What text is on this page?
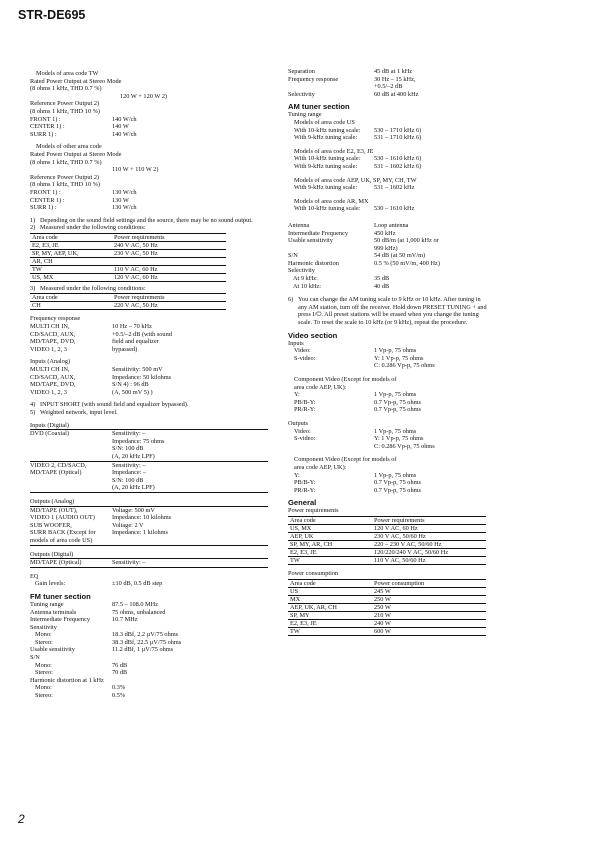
STR-DE695
Models of area code TW
Rated Power Output at Stereo Mode
(8 ohms 1 kHz, THD 0.7 %)
120 W + 120 W 2)
Reference Power Output 2)
(8 ohms 1 kHz, THD 10 %)
FRONT 1) :	140 W/ch
CENTER 1) :	140 W
SURR 1) :	140 W/ch
Models of other area code
Rated Power Output at Stereo Mode
(8 ohms 1 kHz, THD 0.7 %)
110 W + 110 W 2)
Reference Power Output 2)
(8 ohms 1 kHz, THD 10 %)
FRONT 1) :	130 W/ch
CENTER 1) :	130 W
SURR 1) :	130 W/ch
1) Depending on the sound field settings and the source, there may be no sound output.
2) Measured under the following conditions:
Area code	Power requirements
E2, E3, JE	240 V AC, 50 Hz
SP, MY, AEP, UK,	230 V AC, 50 Hz
AR, CH	
TW	110 V AC, 60 Hz
US, MX	120 V AC, 60 Hz
3) Measured under the following conditions:
Area code	Power requirements
CH	220 V AC, 50 Hz
Frequency response
MULTI CH IN,	10 Hz – 70 kHz
CD/SACD, AUX,	+0.5/–2 dB (with sound
MD/TAPE, DVD,	field and equalizer
VIDEO 1, 2, 3	bypassed)
Inputs (Analog)
MULTI CH IN,	Sensitivity: 500 mV
CD/SACD, AUX,	Impedance: 50 kilohms
MD/TAPE, DVD,	S/N 4) : 96 dB
VIDEO 1, 2, 3	(A, 500 mV 5) )
4) INPUT SHORT (with sound field and equalizer bypassed).
5) Weighted network, input level.
Inputs (Digital)
DVD (Coaxial)	Sensitivity: –
Impedance: 75 ohms
S/N: 100 dB
(A, 20 kHz LPF)
VIDEO 2, CD/SACD,
MD/TAPE (Optical)
Sensitivity: –
Impedance: –
S/N: 100 dB
(A, 20 kHz LPF)
Outputs (Analog)
MD/TAPE (OUT),	Voltage: 500 mV
VIDEO 1 (AUDIO OUT)	Impedance: 10 kilohms
SUB WOOFER,	Voltage: 2 V
SURR BACK (Except for	Impedance: 1 kilohms
models of area code US)
Outputs (Digital)
MD/TAPE (Optical)	Sensitivity: –
EQ
Gain levels:	±10 dB, 0.5 dB step
FM tuner section
Tuning range	87.5 – 108.0 MHz
Antenna terminals	75 ohms, unbalanced
Intermediate Frequency	10.7 MHz
Sensitivity
Mono:	18.3 dBf, 2.2 µV/75 ohms
Stereo:	38.3 dBf, 22.5 µV/75 ohms
Usable sensitivity	11.2 dBf, 1 µV/75 ohms
S/N
Mono:	76 dB
Stereo:	70 dB
Harmonic distortion at 1 kHz
Mono:	0.3%
Stereo:	0.5%
Separation	45 dB at 1 kHz
Frequency response	30 Hz – 15 kHz,
+0.5/–2 dB
Selectivity	60 dB at 400 kHz
AM tuner section
Tuning range
Models of area code US
With 10-kHz tuning scale: 530 – 1710 kHz 6)
With 9-kHz tuning scale:	531 – 1710 kHz 6)
Models of area code E2, E3, JE
With 10-kHz tuning scale: 530 – 1610 kHz 6)
With 9-kHz tuning scale:	531 – 1602 kHz 6)
Models of area code AEP, UK, SP, MY, CH, TW
With 9-kHz tuning scale:	531 – 1602 kHz
Models of area code AR, MX
With 10-kHz tuning scale: 530 – 1610 kHz
Antenna	Loop antenna
Intermediate Frequency	450 kHz
Usable sensitivity	50 dB/m (at 1,000 kHz or
999 kHz)
S/N	54 dB (at 50 mV/m)
Harmonic distortion	0.5 % (50 mV/m, 400 Hz)
Selectivity
At 9 kHz:	35 dB
At 10 kHz:	40 dB
6) You can change the AM tuning scale to 9 kHz or 10 kHz. After tuning in any AM station, turn off the receiver. Hold down PRESET TUNING + and press I/⏻. All preset stations will be erased when you change the tuning scale. To reset the scale to 10 kHz (or 9 kHz), repeat the procedure.
Video section
Inputs
Video:	1 Vp-p, 75 ohms
S-video:	Y: 1 Vp-p, 75 ohms
C: 0.286 Vp-p, 75 ohms
Component Video (Except for models of
area code AEP, UK):
Y:	1 Vp-p, 75 ohms
PB/B-Y:	0.7 Vp-p, 75 ohms
PR/R-Y:	0.7 Vp-p, 75 ohms
Outputs
Video:	1 Vp-p, 75 ohms
S-video:	Y: 1 Vp-p, 75 ohms
C: 0.286 Vp-p, 75 ohms
Component Video (Except for models of
area code AEP, UK):
Y:	1 Vp-p, 75 ohms
PB/B-Y:	0.7 Vp-p, 75 ohms
PR/R-Y:	0.7 Vp-p, 75 ohms
General
Power requirements
Area code	Power requirements
US, MX	120 V AC, 60 Hz
AEP, UK	230 V AC, 50/60 Hz
SP, MY, AR, CH	220 – 230 V AC, 50/60 Hz
E2, E3, JE	120/220/240 V AC, 50/60 Hz
TW	110 V AC, 50/60 Hz
Power consumption
Area code	Power consumption
US	245 W
MX	250 W
AEP, UK, AR, CH	250 W
SP, MY	210 W
E2, E3, JE	240 W
TW	600 W
2
